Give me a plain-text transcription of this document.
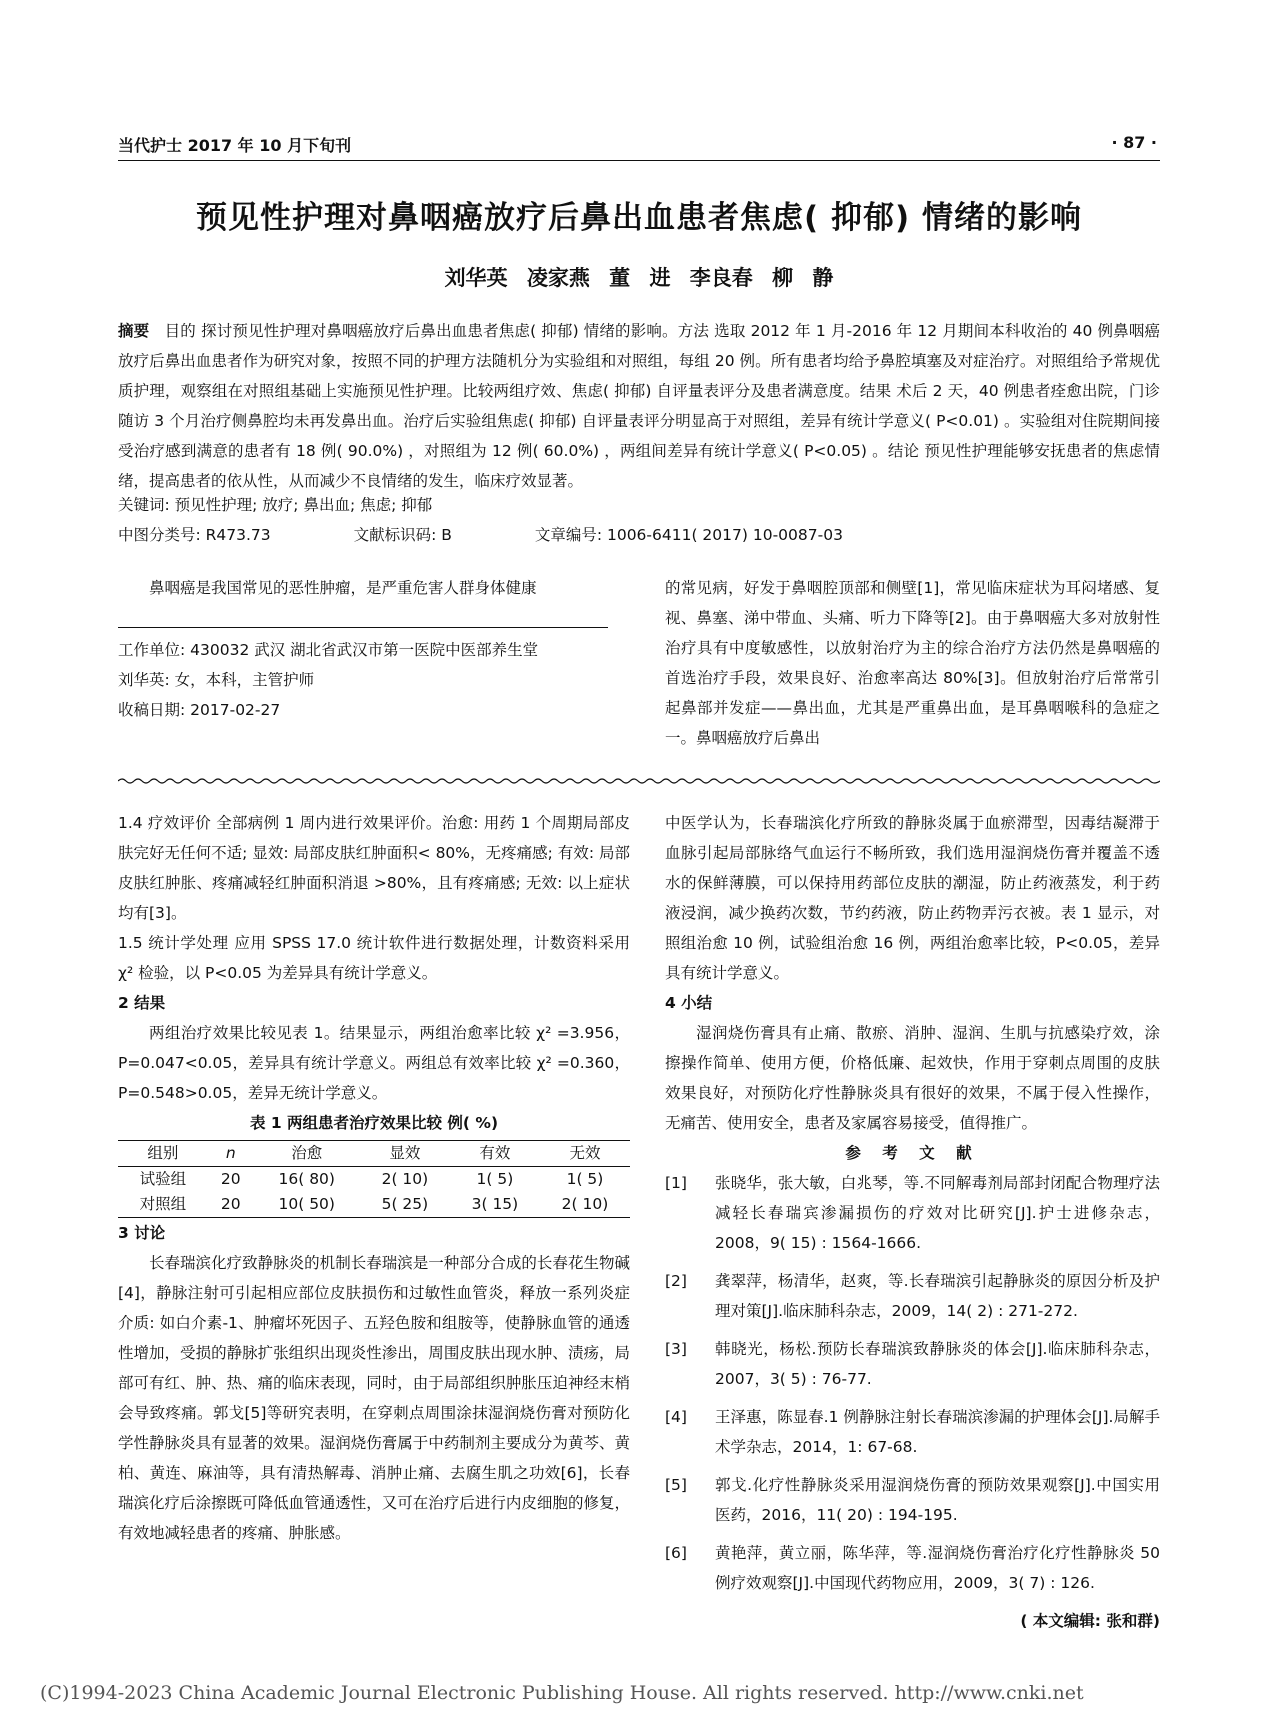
当代护士 2017 年 10 月下旬刊	· 87 ·
预见性护理对鼻咽癌放疗后鼻出血患者焦虑( 抑郁) 情绪的影响
刘华英 凌家燕 董 进 李良春 柳 静
摘要 目的 探讨预见性护理对鼻咽癌放疗后鼻出血患者焦虑( 抑郁) 情绪的影响。方法 选取 2012 年 1 月-2016 年 12 月期间本科收治的 40 例鼻咽癌放疗后鼻出血患者作为研究对象，按照不同的护理方法随机分为实验组和对照组，每组 20 例。所有患者均给予鼻腔填塞及对症治疗。对照组给予常规优质护理，观察组在对照组基础上实施预见性护理。比较两组疗效、焦虑( 抑郁) 自评量表评分及患者满意度。结果 术后 2 天，40 例患者痊愈出院，门诊随访 3 个月治疗侧鼻腔均未再发鼻出血。治疗后实验组焦虑( 抑郁) 自评量表评分明显高于对照组，差异有统计学意义( P<0.01) 。实验组对住院期间接受治疗感到满意的患者有 18 例( 90.0%) ，对照组为 12 例( 60.0%) ，两组间差异有统计学意义( P<0.05) 。结论 预见性护理能够安抚患者的焦虑情绪，提高患者的依从性，从而减少不良情绪的发生，临床疗效显著。
关键词: 预见性护理; 放疗; 鼻出血; 焦虑; 抑郁
中图分类号: R473.73	文献标识码: B	文章编号: 1006-6411( 2017) 10-0087-03

鼻咽癌是我国常见的恶性肿瘤，是严重危害人群身体健康

工作单位: 430032 武汉 湖北省武汉市第一医院中医部养生堂

刘华英: 女，本科，主管护师

收稿日期: 2017-02-27

的常见病，好发于鼻咽腔顶部和侧壁[1]，常见临床症状为耳闷堵感、复视、鼻塞、涕中带血、头痛、听力下降等[2]。由于鼻咽癌大多对放射性治疗具有中度敏感性，以放射治疗为主的综合治疗方法仍然是鼻咽癌的首选治疗手段，效果良好、治愈率高达 80%[3]。但放射治疗后常常引起鼻部并发症——鼻出血，尤其是严重鼻出血，是耳鼻咽喉科的急症之一。鼻咽癌放疗后鼻出

1.4 疗效评价 全部病例 1 周内进行效果评价。治愈: 用药 1 个周期局部皮肤完好无任何不适; 显效: 局部皮肤红肿面积< 80%，无疼痛感; 有效: 局部皮肤红肿胀、疼痛减轻红肿面积消退 >80%，且有疼痛感; 无效: 以上症状均有[3]。

1.5 统计学处理 应用 SPSS 17.0 统计软件进行数据处理，计数资料采用 χ² 检验，以 P<0.05 为差异具有统计学意义。

2 结果

两组治疗效果比较见表 1。结果显示，两组治愈率比较 χ² =3.956，P=0.047<0.05，差异具有统计学意义。两组总有效率比较 χ² =0.360，P=0.548>0.05，差异无统计学意义。

表 1 两组患者治疗效果比较 例( %)

组别	n	治愈	显效	有效	无效
试验组	20	16( 80)	2( 10)	1( 5)	1( 5)
对照组	20	10( 50)	5( 25)	3( 15)	2( 10)

3 讨论

长春瑞滨化疗致静脉炎的机制长春瑞滨是一种部分合成的长春花生物碱[4]，静脉注射可引起相应部位皮肤损伤和过敏性血管炎，释放一系列炎症介质: 如白介素-1、肿瘤坏死因子、五羟色胺和组胺等，使静脉血管的通透性增加，受损的静脉扩张组织出现炎性渗出，周围皮肤出现水肿、渍疡，局部可有红、肿、热、痛的临床表现，同时，由于局部组织肿胀压迫神经末梢会导致疼痛。郭戈[5]等研究表明，在穿刺点周围涂抹湿润烧伤膏对预防化学性静脉炎具有显著的效果。湿润烧伤膏属于中药制剂主要成分为黄芩、黄柏、黄连、麻油等，具有清热解毒、消肿止痛、去腐生肌之功效[6]，长春瑞滨化疗后涂擦既可降低血管通透性，又可在治疗后进行内皮细胞的修复，有效地减轻患者的疼痛、肿胀感。

中医学认为，长春瑞滨化疗所致的静脉炎属于血瘀滞型，因毒结凝滞于血脉引起局部脉络气血运行不畅所致，我们选用湿润烧伤膏并覆盖不透水的保鲜薄膜，可以保持用药部位皮肤的潮湿，防止药液蒸发，利于药液浸润，减少换药次数，节约药液，防止药物弄污衣被。表 1 显示，对照组治愈 10 例，试验组治愈 16 例，两组治愈率比较，P<0.05，差异具有统计学意义。

4 小结

湿润烧伤膏具有止痛、散瘀、消肿、湿润、生肌与抗感染疗效，涂擦操作简单、使用方便，价格低廉、起效快，作用于穿刺点周围的皮肤效果良好，对预防化疗性静脉炎具有很好的效果，不属于侵入性操作，无痛苦、使用安全，患者及家属容易接受，值得推广。

参 考 文 献

[1]	张晓华，张大敏，白兆琴，等.不同解毒剂局部封闭配合物理疗法减轻长春瑞宾渗漏损伤的疗效对比研究[J].护士进修杂志，2008，9( 15) : 1564-1666.
[2]	龚翠萍，杨清华，赵爽，等.长春瑞滨引起静脉炎的原因分析及护理对策[J].临床肺科杂志，2009，14( 2) : 271-272.
[3]	韩晓光，杨松.预防长春瑞滨致静脉炎的体会[J].临床肺科杂志，2007，3( 5) : 76-77.
[4]	王泽惠，陈显春.1 例静脉注射长春瑞滨渗漏的护理体会[J].局解手术学杂志，2014，1: 67-68.
[5]	郭戈.化疗性静脉炎采用湿润烧伤膏的预防效果观察[J].中国实用医药，2016，11( 20) : 194-195.
[6]	黄艳萍，黄立丽，陈华萍，等.湿润烧伤膏治疗化疗性静脉炎 50 例疗效观察[J].中国现代药物应用，2009，3( 7) : 126.

( 本文编辑: 张和群)

(C)1994-2023 China Academic Journal Electronic Publishing House. All rights reserved. http://www.cnki.net
